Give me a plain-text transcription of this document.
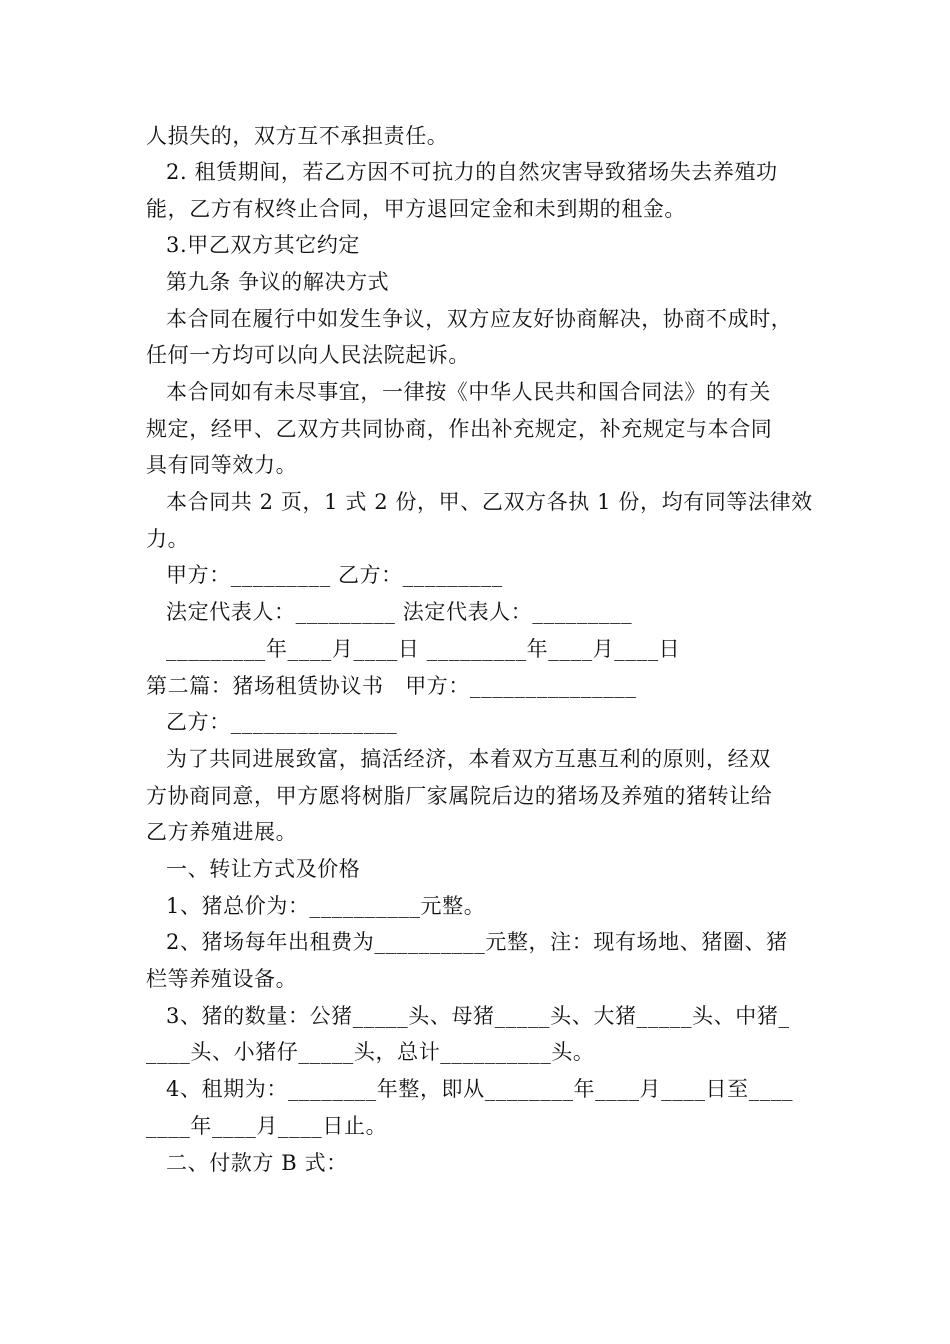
人损失的，双方互不承担责任。
2. 租赁期间，若乙方因不可抗力的自然灾害导致猪场失去养殖功
能，乙方有权终止合同，甲方退回定金和未到期的租金。
3.甲乙双方其它约定
第九条 争议的解决方式
本合同在履行中如发生争议，双方应友好协商解决，协商不成时，
任何一方均可以向人民法院起诉。
本合同如有未尽事宜，一律按《中华人民共和国合同法》的有关
规定，经甲、乙双方共同协商，作出补充规定，补充规定与本合同
具有同等效力。
本合同共 2 页，1 式 2 份，甲、乙双方各执 1 份，均有同等法律效
力。
甲方：_________ 乙方：_________
法定代表人：_________ 法定代表人：_________
_________年____月____日 _________年____月____日
第二篇：猪场租赁协议书　甲方：_______________
乙方：_______________
为了共同进展致富，搞活经济，本着双方互惠互利的原则，经双
方协商同意，甲方愿将树脂厂家属院后边的猪场及养殖的猪转让给
乙方养殖进展。
一、转让方式及价格
1、猪总价为：__________元整。
2、猪场每年出租费为__________元整，注：现有场地、猪圈、猪
栏等养殖设备。
3、猪的数量：公猪_____头、母猪_____头、大猪_____头、中猪_
____头、小猪仔_____头，总计__________头。
4、租期为：________年整，即从________年____月____日至____
____年____月____日止。
二、付款方 B 式：
